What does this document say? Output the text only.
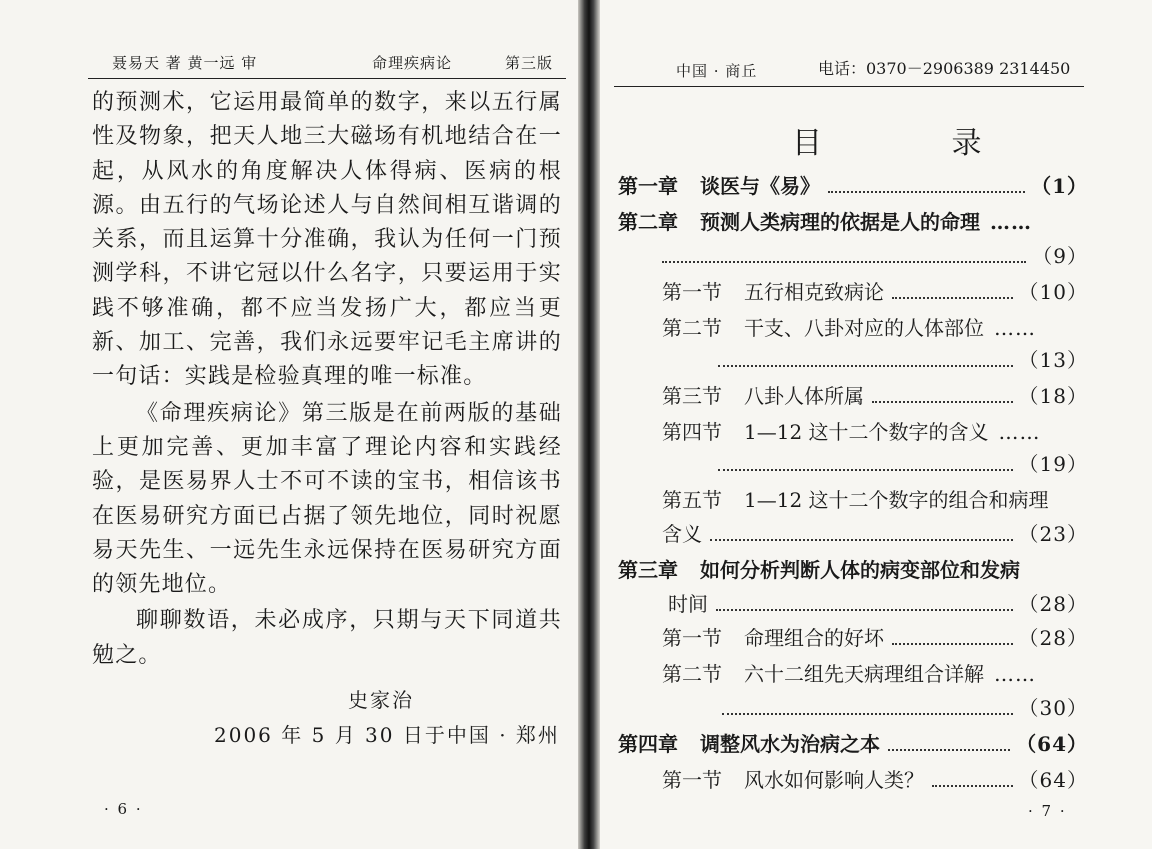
聂易天 著 黄一远 审	命理疾病论	第三版

的预测术，它运用最简单的数字，来以五行属性及物象，把天人地三大磁场有机地结合在一起，从风水的角度解决人体得病、医病的根源。由五行的气场论述人与自然间相互谐调的关系，而且运算十分准确，我认为任何一门预测学科，不讲它冠以什么名字，只要运用于实践不够准确，都不应当发扬广大，都应当更新、加工、完善，我们永远要牢记毛主席讲的一句话：实践是检验真理的唯一标准。

《命理疾病论》第三版是在前两版的基础上更加完善、更加丰富了理论内容和实践经验，是医易界人士不可不读的宝书，相信该书在医易研究方面已占据了领先地位，同时祝愿易天先生、一远先生永远保持在医易研究方面的领先地位。

聊聊数语，未必成序，只期与天下同道共勉之。

史家治
2006 年 5 月 30 日于中国 · 郑州
· 6 ·
中国 · 商丘	电话：0370－2906389 2314450
目 录
第一章 谈医与《易》	（1）
第二章 预测人类病理的依据是人的命理 ……
（9）
第一节 五行相克致病论	（10）
第二节 干支、八卦对应的人体部位 ……
（13）
第三节 八卦人体所属	（18）
第四节 1—12 这十二个数字的含义 ……
（19）
第五节 1—12 这十二个数字的组合和病理
含义	（23）
第三章 如何分析判断人体的病变部位和发病
时间	（28）
第一节 命理组合的好坏	（28）
第二节 六十二组先天病理组合详解 ……
（30）
第四章 调整风水为治病之本	（64）
第一节 风水如何影响人类？	（64）
· 7 ·
